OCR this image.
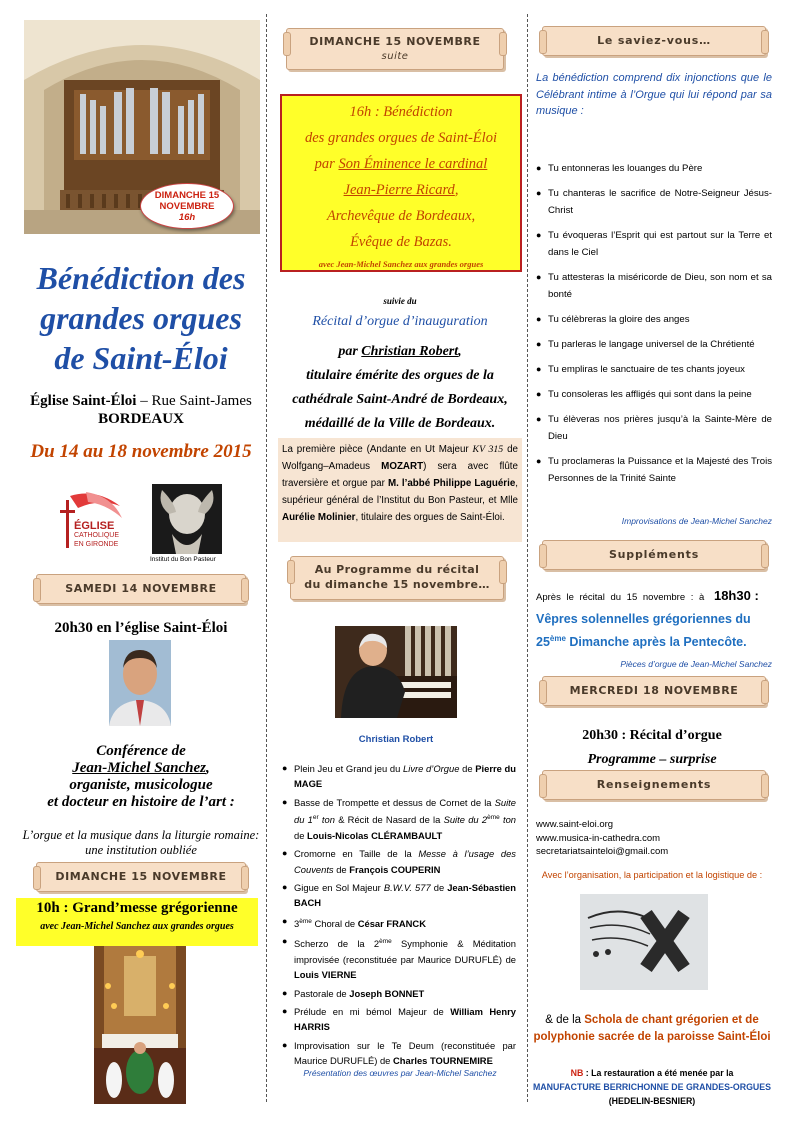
DIMANCHE 15
NOVEMBRE
16h
Bénédiction des
grandes orgues
de Saint-Éloi
Église Saint-Éloi – Rue Saint-James
BORDEAUX
Du 14 au 18 novembre 2015
ÉGLISE
CATHOLIQUE
EN GIRONDE
Institut du Bon Pasteur
SAMEDI 14 NOVEMBRE
20h30 en l’église Saint-Éloi
Conférence de
Jean-Michel Sanchez,
organiste, musicologue
et docteur en histoire de l’art :
L’orgue et la musique dans la liturgie romaine:
une institution oubliée
DIMANCHE 15 NOVEMBRE
10h : Grand’messe grégorienne
avec Jean-Michel Sanchez aux grandes orgues
DIMANCHE 15 NOVEMBRE
suite
16h : Bénédiction
des grandes orgues de Saint-Éloi
par Son Éminence le cardinal
Jean-Pierre Ricard,
Archevêque de Bordeaux,
Évêque de Bazas.
avec Jean-Michel Sanchez aux grandes orgues
suivie du
Récital d’orgue d’inauguration
par Christian Robert,
titulaire émérite des orgues de la
cathédrale Saint-André de Bordeaux,
médaillé de la Ville de Bordeaux.
La première pièce (Andante en Ut Majeur KV 315 de Wolfgang–Amadeus MOZART) sera avec flûte traversière et orgue par M. l’abbé Philippe Laguérie, supérieur général de l’Institut du Bon Pasteur, et Mlle Aurélie Molinier, titulaire des orgues de Saint-Éloi.
Au Programme du récital
du dimanche 15 novembre…
Christian Robert
● Plein Jeu et Grand jeu du Livre d’Orgue de Pierre du MAGE
● Basse de Trompette et dessus de Cornet de la Suite du 1er ton & Récit de Nasard de la Suite du 2ème ton de Louis-Nicolas CLÉRAMBAULT
● Cromorne en Taille de la Messe à l’usage des Couvents de François COUPERIN
● Gigue en Sol Majeur B.W.V. 577 de Jean-Sébastien BACH
● 3ème Choral de César FRANCK
● Scherzo de la 2ème Symphonie & Méditation improvisée (reconstituée par Maurice DURUFLÉ) de Louis VIERNE
● Pastorale de Joseph BONNET
● Prélude en mi bémol Majeur de William Henry HARRIS
● Improvisation sur le Te Deum (reconstituée par Maurice DURUFLÉ) de Charles TOURNEMIRE
Présentation des œuvres par Jean-Michel Sanchez
Le saviez-vous…
La bénédiction comprend dix injonctions que le Célébrant intime à l’Orgue qui lui répond par sa musique :
● Tu entonneras les louanges du Père
● Tu chanteras le sacrifice de Notre-Seigneur Jésus-Christ
● Tu évoqueras l’Esprit qui est partout sur la Terre et dans le Ciel
● Tu attesteras la miséricorde de Dieu, son nom et sa bonté
● Tu célèbreras la gloire des anges
● Tu parleras le langage universel de la Chrétienté
● Tu empliras le sanctuaire de tes chants joyeux
● Tu consoleras les affligés qui sont dans la peine
● Tu élèveras nos prières jusqu’à la Sainte-Mère de Dieu
● Tu proclameras la Puissance et la Majesté des Trois Personnes de la Trinité Sainte
Improvisations de Jean-Michel Sanchez
Suppléments
Après le récital du 15 novembre : à 18h30 :
Vêpres solennelles grégoriennes du 25ème Dimanche après la Pentecôte.
Pièces d’orgue de Jean-Michel Sanchez
MERCREDI 18 NOVEMBRE
20h30 : Récital d’orgue
Programme – surprise
Renseignements
www.saint-eloi.org
www.musica-in-cathedra.com
secretariatsainteloi@gmail.com
Avec l’organisation, la participation et la logistique de :
& de la Schola de chant grégorien et de polyphonie sacrée de la paroisse Saint-Éloi
NB : La restauration a été menée par la
MANUFACTURE BERRICHONNE DE GRANDES-ORGUES
(HEDELIN-BESNIER)
